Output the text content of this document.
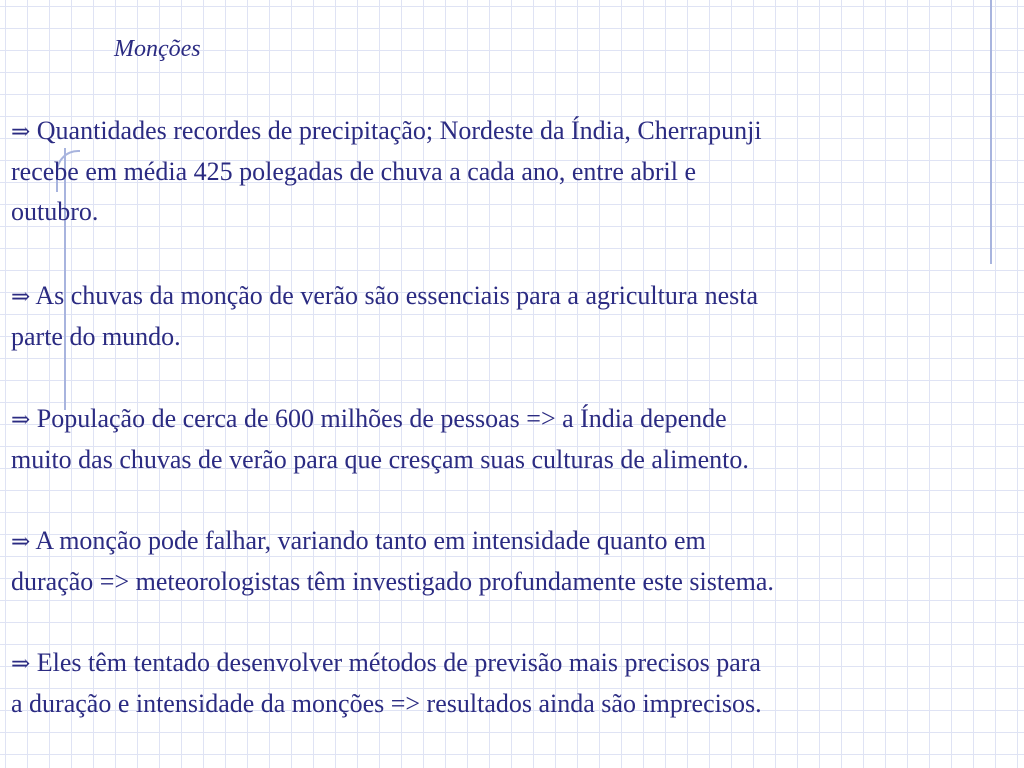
Monções

⇒ Quantidades recordes de precipitação; Nordeste da Índia, Cherrapunji
recebe em média 425 polegadas de chuva a cada ano, entre abril e
outubro.

⇒ As chuvas da monção de verão são essenciais para a agricultura nesta
parte do mundo.

⇒ População de cerca de 600 milhões de pessoas => a Índia depende
muito das chuvas de verão para que cresçam suas culturas de alimento.

⇒ A monção pode falhar, variando tanto em intensidade quanto em
duração => meteorologistas têm investigado profundamente este sistema.

⇒ Eles têm tentado desenvolver métodos de previsão mais precisos para
a duração e intensidade da monções => resultados ainda são imprecisos.
